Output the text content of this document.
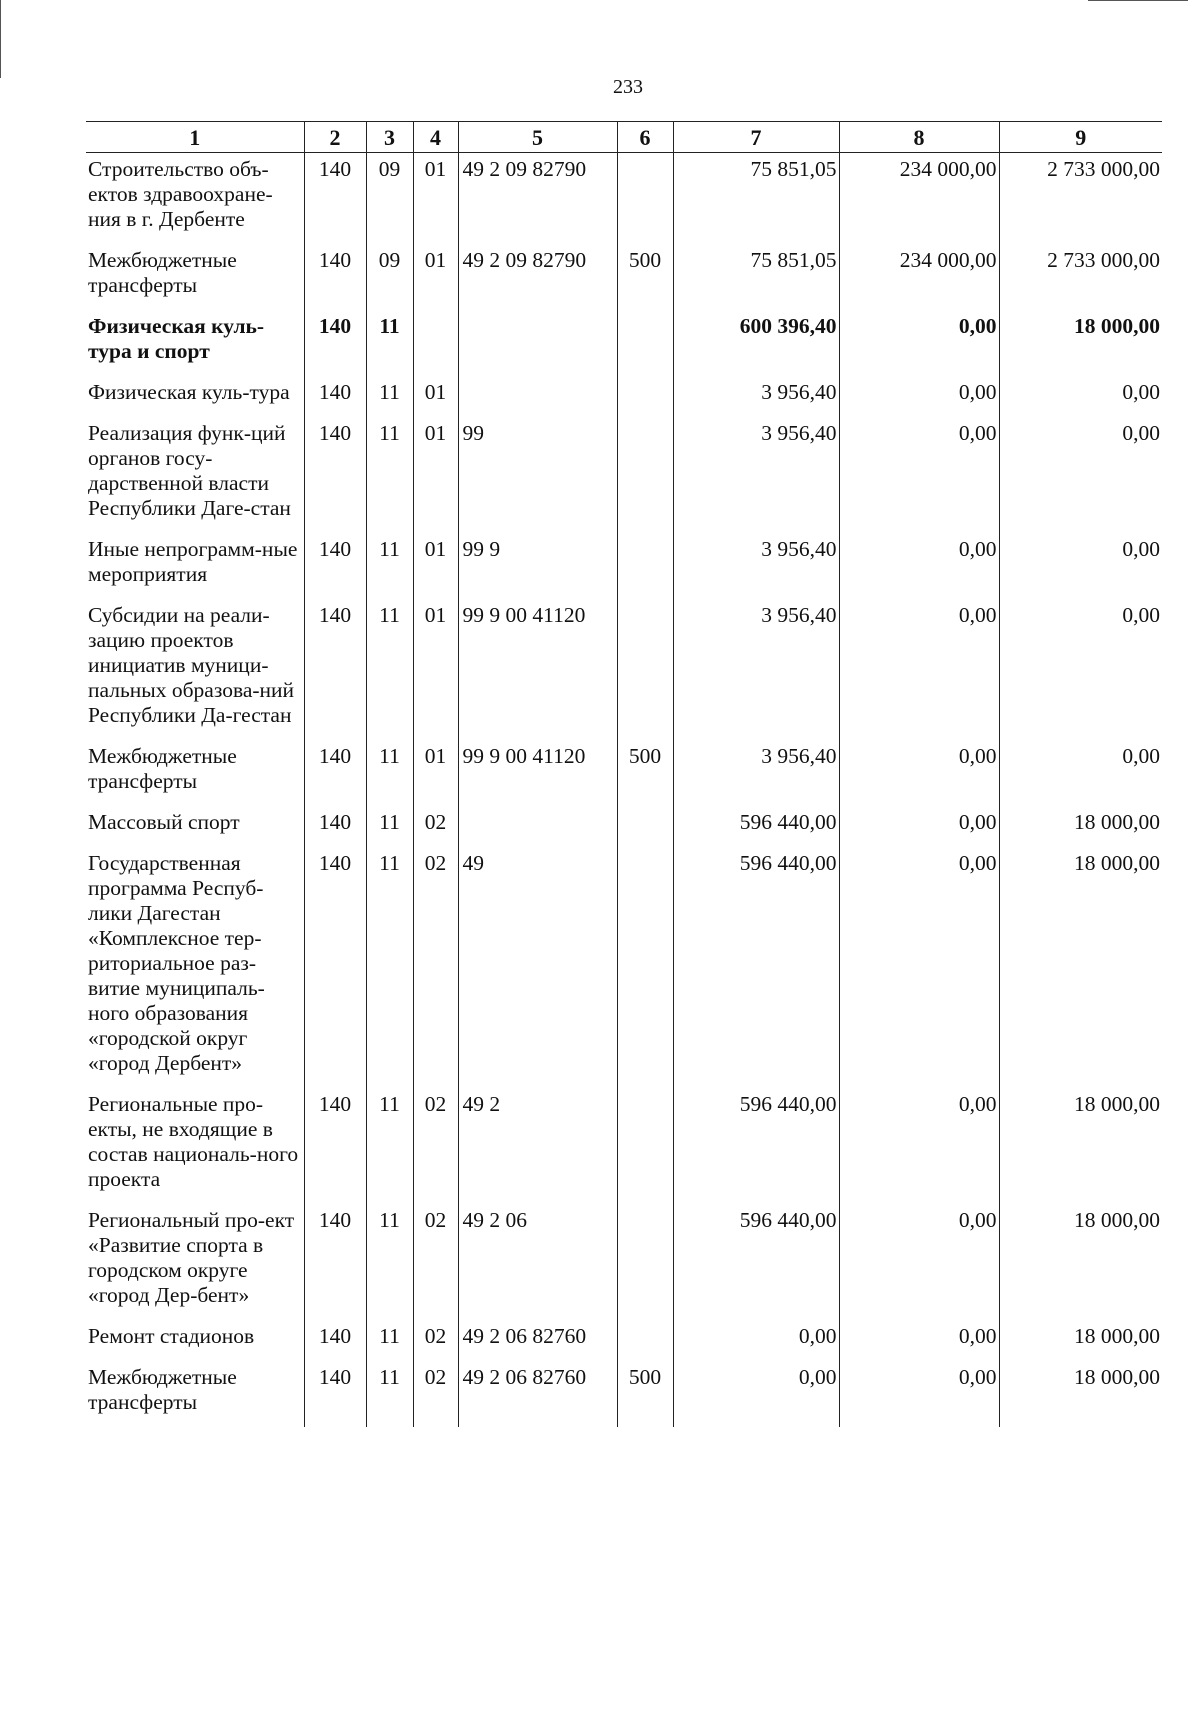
233
1	2	3	4	5	6	7	8	9
Строительство объ-ектов здравоохране-ния в г. Дербенте	140	09	01	49 2 09 82790		75 851,05	234 000,00	2 733 000,00
Межбюджетные трансферты	140	09	01	49 2 09 82790	500	75 851,05	234 000,00	2 733 000,00
Физическая куль-тура и спорт	140	11				600 396,40	0,00	18 000,00
Физическая куль-тура	140	11	01			3 956,40	0,00	0,00
Реализация функ-ций органов госу-дарственной власти Республики Даге-стан	140	11	01	99		3 956,40	0,00	0,00
Иные непрограмм-ные мероприятия	140	11	01	99 9		3 956,40	0,00	0,00
Субсидии на реали-зацию проектов инициатив муници-пальных образова-ний Республики Да-гестан	140	11	01	99 9 00 41120		3 956,40	0,00	0,00
Межбюджетные трансферты	140	11	01	99 9 00 41120	500	3 956,40	0,00	0,00
Массовый спорт	140	11	02			596 440,00	0,00	18 000,00
Государственная программа Респуб-лики Дагестан «Комплексное тер-риториальное раз-витие муниципаль-ного образования «городской округ «город Дербент»	140	11	02	49		596 440,00	0,00	18 000,00
Региональные про-екты, не входящие в состав националь-ного проекта	140	11	02	49 2		596 440,00	0,00	18 000,00
Региональный про-ект «Развитие спорта в городском округе «город Дер-бент»	140	11	02	49 2 06		596 440,00	0,00	18 000,00
Ремонт стадионов	140	11	02	49 2 06 82760		0,00	0,00	18 000,00
Межбюджетные трансферты	140	11	02	49 2 06 82760	500	0,00	0,00	18 000,00
